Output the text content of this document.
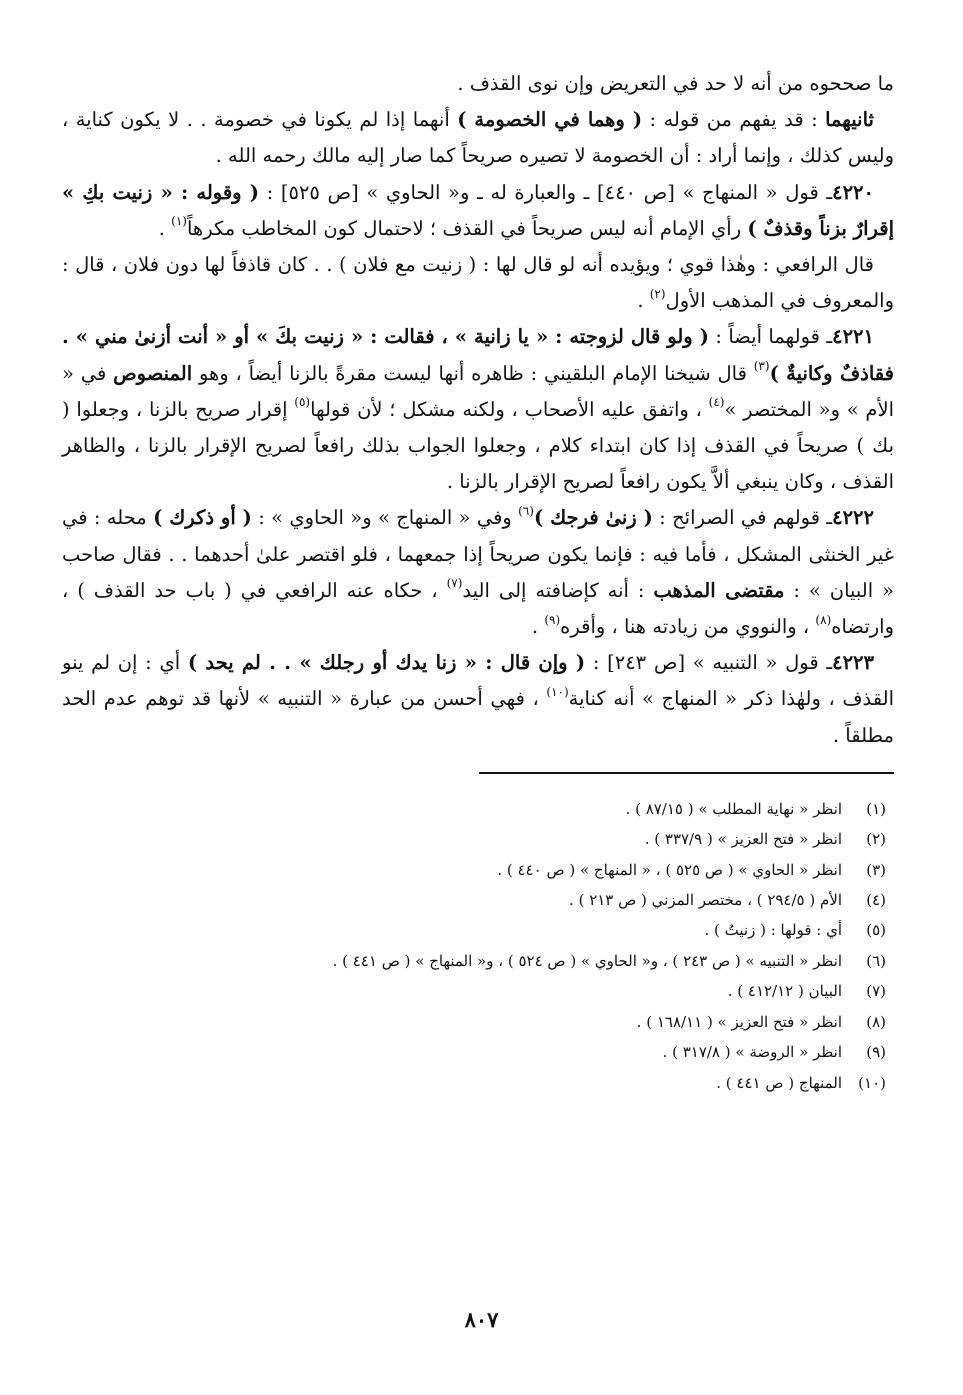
ما صححوه من أنه لا حد في التعريض وإن نوى القذف .

ثانيهما : قد يفهم من قوله : ( وهما في الخصومة ) أنهما إذا لم يكونا في خصومة . . لا يكون كناية ، وليس كذلك ، وإنما أراد : أن الخصومة لا تصيره صريحاً كما صار إليه مالك رحمه الله .

٤٢٢٠ـ قول « المنهاج » [ص ٤٤٠] ـ والعبارة له ـ و« الحاوي » [ص ٥٢٥] : ( وقوله : « زنيت بكِ » إقرارٌ بزناً وقذفٌ ) رأي الإمام أنه ليس صريحاً في القذف ؛ لاحتمال كون المخاطب مكرهاً$^{(١)}$ .

قال الرافعي : وهٰذا قوي ؛ ويؤيده أنه لو قال لها : ( زنيت مع فلان ) . . كان قاذفاً لها دون فلان ، قال : والمعروف في المذهب الأول$^{(٢)}$ .

٤٢٢١ـ قولهما أيضاً : ( ولو قال لزوجته : « يا زانية » ، فقالت : « زنيت بكَ » أو « أنت أزنىٰ مني » . فقاذفٌ وكانيةٌ )$^{(٣)}$ قال شيخنا الإمام البلقيني : ظاهره أنها ليست مقرةً بالزنا أيضاً ، وهو المنصوص في « الأم » و« المختصر »$^{(٤)}$ ، واتفق عليه الأصحاب ، ولكنه مشكل ؛ لأن قولها$^{(٥)}$ إقرار صريح بالزنا ، وجعلوا ( بك ) صريحاً في القذف إذا كان ابتداء كلام ، وجعلوا الجواب بذلك رافعاً لصريح الإقرار بالزنا ، والظاهر القذف ، وكان ينبغي ألاَّ يكون رافعاً لصريح الإقرار بالزنا .

٤٢٢٢ـ قولهم في الصرائح : ( زنىٰ فرجك )$^{(٦)}$ وفي « المنهاج » و« الحاوي » : ( أو ذكرك ) محله : في غير الخنثى المشكل ، فأما فيه : فإنما يكون صريحاً إذا جمعهما ، فلو اقتصر علىٰ أحدهما . . فقال صاحب « البيان » : مقتضى المذهب : أنه كإضافته إلى اليد$^{(٧)}$ ، حكاه عنه الرافعي في ( باب حد القذف ) ، وارتضاه$^{(٨)}$ ، والنووي من زيادته هنا ، وأقره$^{(٩)}$ .

٤٢٢٣ـ قول « التنبيه » [ص ٢٤٣] : ( وإن قال : « زنا يدك أو رجلك » . . لم يحد ) أي : إن لم ينو القذف ، ولهٰذا ذكر « المنهاج » أنه كناية$^{(١٠)}$ ، فهي أحسن من عبارة « التنبيه » لأنها قد توهم عدم الحد مطلقاً .

(١)
انظر « نهاية المطلب » ( ٨٧/١٥ ) .
(٢)
انظر « فتح العزيز » ( ٣٣٧/٩ ) .
(٣)
انظر « الحاوي » ( ص ٥٢٥ ) ، « المنهاج » ( ص ٤٤٠ ) .
(٤)
الأم ( ٢٩٤/٥ ) ، مختصر المزني ( ص ٢١٣ ) .
(٥)
أي : قولها : ( زنيتُ ) .
(٦)
انظر « التنبيه » ( ص ٢٤٣ ) ، و« الحاوي » ( ص ٥٢٤ ) ، و« المنهاج » ( ص ٤٤١ ) .
(٧)
البيان ( ٤١٢/١٢ ) .
(٨)
انظر « فتح العزيز » ( ١٦٨/١١ ) .
(٩)
انظر « الروضة » ( ٣١٧/٨ ) .
(١٠)
المنهاج ( ص ٤٤١ ) .
٨٠٧
